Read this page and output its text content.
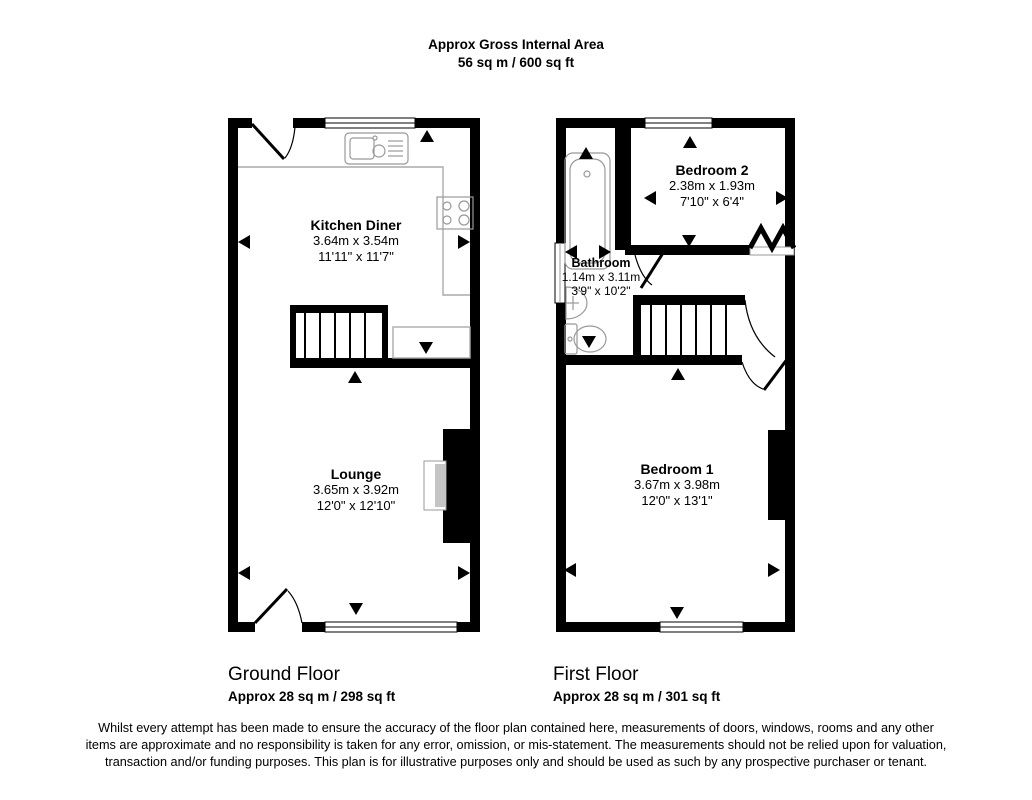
Approx Gross Internal Area
56 sq m / 600 sq ft
Kitchen Diner
3.64m x 3.54m
11'11" x 11'7"
Lounge
3.65m x 3.92m
12'0" x 12'10"
Bedroom 2
2.38m x 1.93m
7'10" x 6'4"
Bathroom
1.14m x 3.11m
3'9" x 10'2"
Bedroom 1
3.67m x 3.98m
12'0" x 13'1"
Ground Floor
Approx 28 sq m / 298 sq ft
First Floor
Approx 28 sq m / 301 sq ft
Whilst every attempt has been made to ensure the accuracy of the floor plan contained here, measurements of doors, windows, rooms and any other items are approximate and no responsibility is taken for any error, omission, or mis-statement. The measurements should not be relied upon for valuation, transaction and/or funding purposes. This plan is for illustrative purposes only and should be used as such by any prospective purchaser or tenant.
